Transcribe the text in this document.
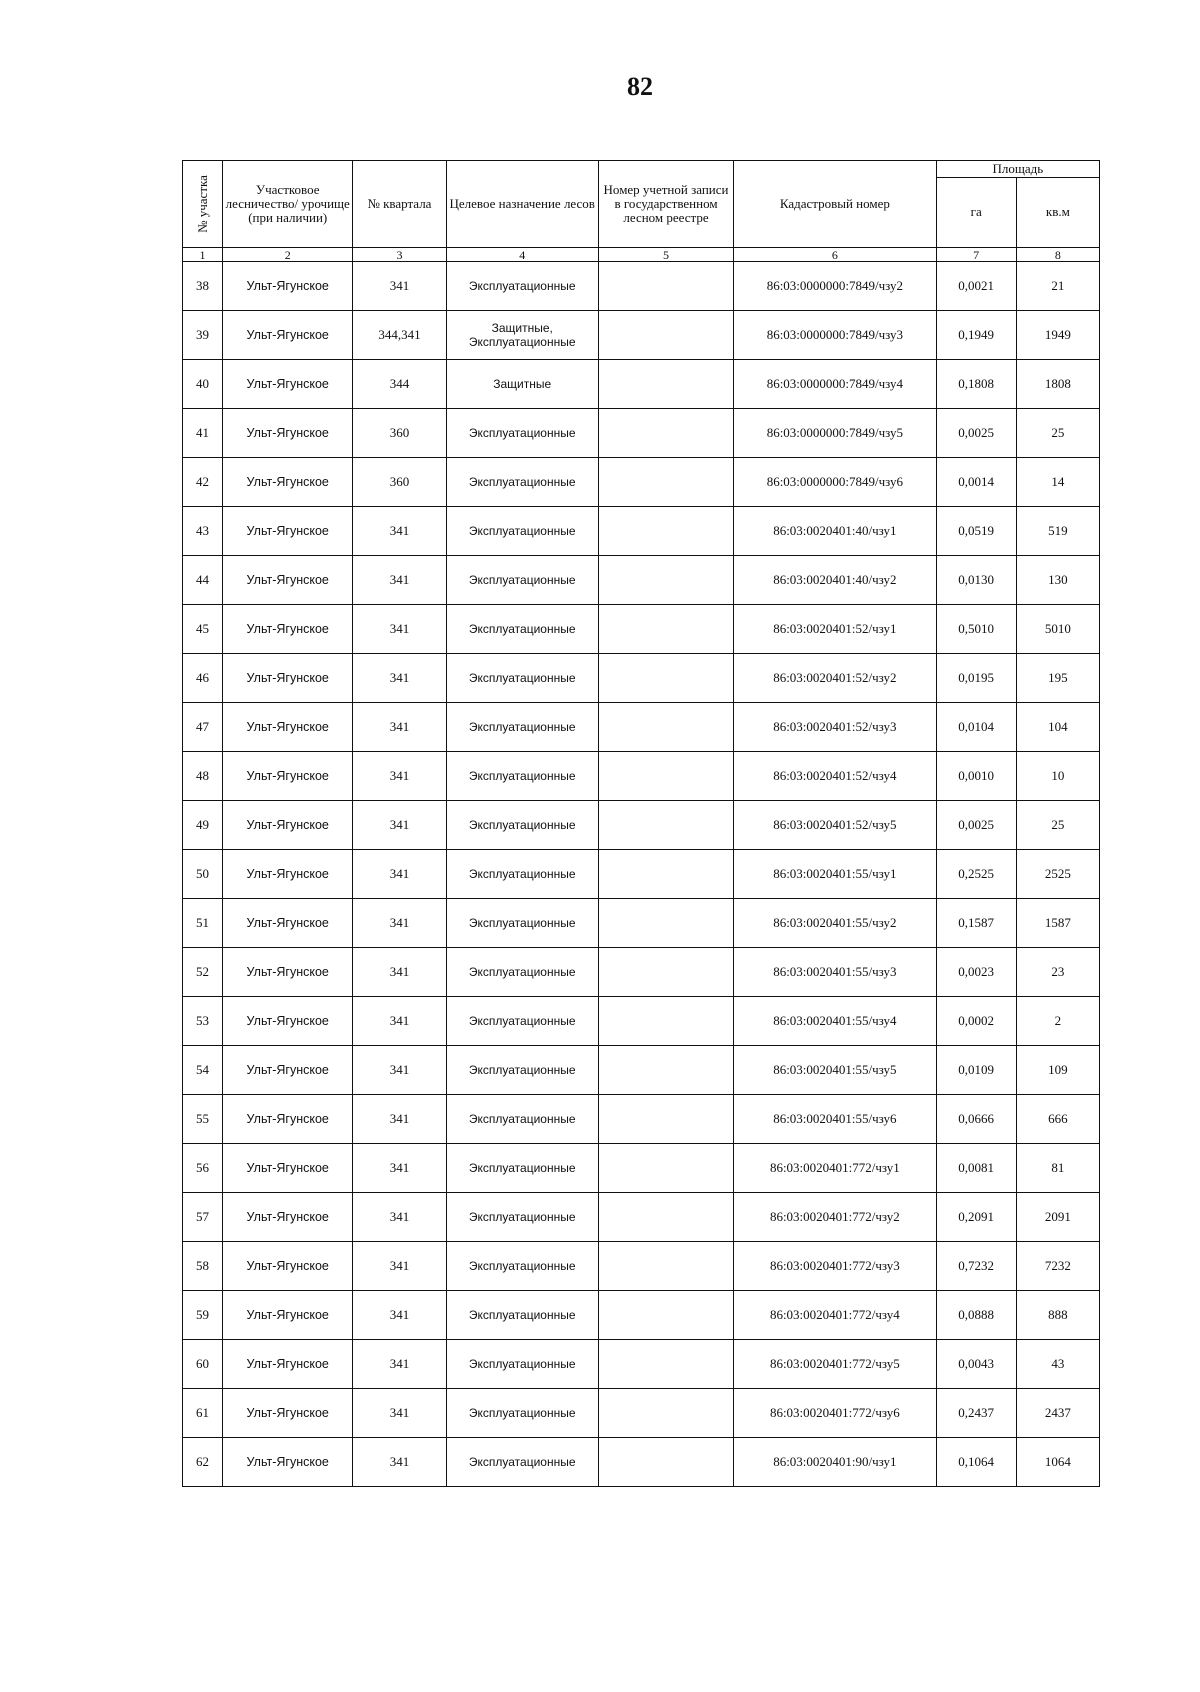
82
№ участка	Участковое лесничество/ урочище (при наличии)	№ квартала	Целевое назначение лесов	Номер учетной записи в государственном лесном реестре	Кадастровый номер	Площадь	
						га	кв.м
1	2	3	4	5	6	7	8
38	Ульт-Ягунское	341	Эксплуатационные		86:03:0000000:7849/чзу2	0,0021	21
39	Ульт-Ягунское	344,341	Защитные, Эксплуатационные		86:03:0000000:7849/чзу3	0,1949	1949
40	Ульт-Ягунское	344	Защитные		86:03:0000000:7849/чзу4	0,1808	1808
41	Ульт-Ягунское	360	Эксплуатационные		86:03:0000000:7849/чзу5	0,0025	25
42	Ульт-Ягунское	360	Эксплуатационные		86:03:0000000:7849/чзу6	0,0014	14
43	Ульт-Ягунское	341	Эксплуатационные		86:03:0020401:40/чзу1	0,0519	519
44	Ульт-Ягунское	341	Эксплуатационные		86:03:0020401:40/чзу2	0,0130	130
45	Ульт-Ягунское	341	Эксплуатационные		86:03:0020401:52/чзу1	0,5010	5010
46	Ульт-Ягунское	341	Эксплуатационные		86:03:0020401:52/чзу2	0,0195	195
47	Ульт-Ягунское	341	Эксплуатационные		86:03:0020401:52/чзу3	0,0104	104
48	Ульт-Ягунское	341	Эксплуатационные		86:03:0020401:52/чзу4	0,0010	10
49	Ульт-Ягунское	341	Эксплуатационные		86:03:0020401:52/чзу5	0,0025	25
50	Ульт-Ягунское	341	Эксплуатационные		86:03:0020401:55/чзу1	0,2525	2525
51	Ульт-Ягунское	341	Эксплуатационные		86:03:0020401:55/чзу2	0,1587	1587
52	Ульт-Ягунское	341	Эксплуатационные		86:03:0020401:55/чзу3	0,0023	23
53	Ульт-Ягунское	341	Эксплуатационные		86:03:0020401:55/чзу4	0,0002	2
54	Ульт-Ягунское	341	Эксплуатационные		86:03:0020401:55/чзу5	0,0109	109
55	Ульт-Ягунское	341	Эксплуатационные		86:03:0020401:55/чзу6	0,0666	666
56	Ульт-Ягунское	341	Эксплуатационные		86:03:0020401:772/чзу1	0,0081	81
57	Ульт-Ягунское	341	Эксплуатационные		86:03:0020401:772/чзу2	0,2091	2091
58	Ульт-Ягунское	341	Эксплуатационные		86:03:0020401:772/чзу3	0,7232	7232
59	Ульт-Ягунское	341	Эксплуатационные		86:03:0020401:772/чзу4	0,0888	888
60	Ульт-Ягунское	341	Эксплуатационные		86:03:0020401:772/чзу5	0,0043	43
61	Ульт-Ягунское	341	Эксплуатационные		86:03:0020401:772/чзу6	0,2437	2437
62	Ульт-Ягунское	341	Эксплуатационные		86:03:0020401:90/чзу1	0,1064	1064
